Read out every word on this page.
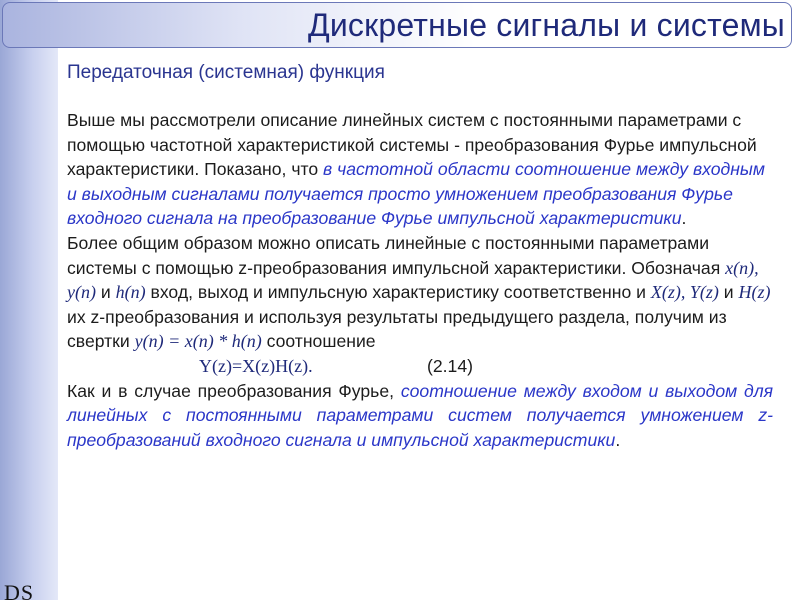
DS
Дискретные сигналы и системы
Передаточная (системная) функция

Выше мы рассмотрели описание линейных систем с постоянными параметрами с помощью частотной характеристикой системы - преобразования Фурье импульсной характеристики. Показано, что в частотной области соотношение между входным и выходным сигналами получается просто умножением преобразования Фурье входного сигнала на преобразование Фурье импульсной характеристики.

Более общим образом можно описать линейные с постоянными параметрами системы с помощью z-преобразования импульсной характеристики. Обозначая x(n), y(n) и h(n) вход, выход и импульсную характеристику соответственно и X(z), Y(z) и H(z) их z-преобразования и используя результаты предыдущего раздела, получим из свертки y(n) = x(n) * h(n) соотношение

Y(z)=X(z)H(z).	(2.14)

Как и в случае преобразования Фурье, соотношение между входом и выходом для линейных с постоянными параметрами систем получается умножением z-преобразований входного сигнала и импульсной характеристики.
